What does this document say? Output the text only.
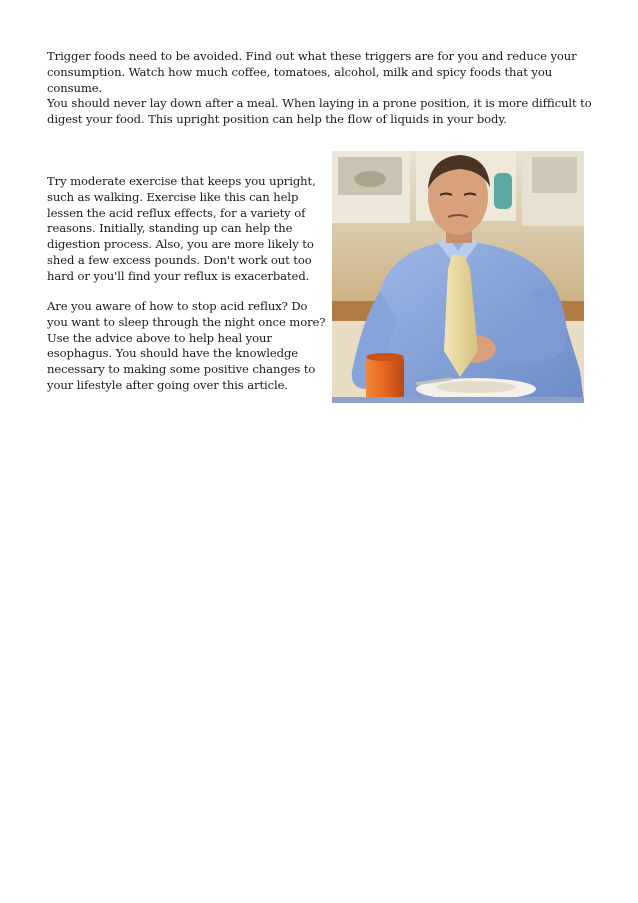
Trigger foods need to be avoided. Find out what these triggers are for you and reduce your consumption. Watch how much coffee, tomatoes, alcohol, milk and spicy foods that you consume.

You should never lay down after a meal. When laying in a prone position, it is more difficult to digest your food. This upright position can help the flow of liquids in your body.

Try moderate exercise that keeps you upright, such as walking. Exercise like this can help lessen the acid reflux effects, for a variety of reasons. Initially, standing up can help the digestion process. Also, you are more likely to shed a few excess pounds. Don't work out too hard or you'll find your reflux is exacerbated.

Are you aware of how to stop acid reflux? Do you want to sleep through the night once more? Use the advice above to help heal your esophagus. You should have the knowledge necessary to making some positive changes to your lifestyle after going over this article.
